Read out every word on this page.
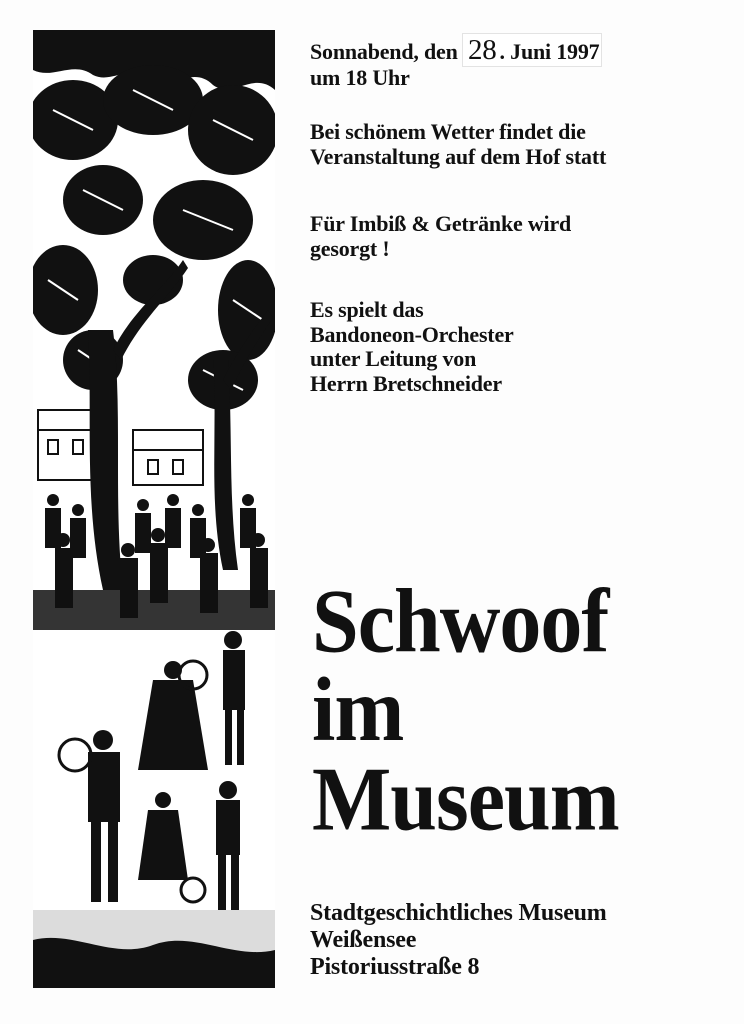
Sonnabend, den 28 . Juni 1997
um 18 Uhr
Bei schönem Wetter findet die
Veranstaltung auf dem Hof statt
Für Imbiß & Getränke wird
gesorgt !
Es spielt das
Bandoneon-Orchester
unter Leitung von
Herrn Bretschneider
Schwoof
im
Museum
Stadtgeschichtliches Museum
Weißensee
Pistoriusstraße 8
